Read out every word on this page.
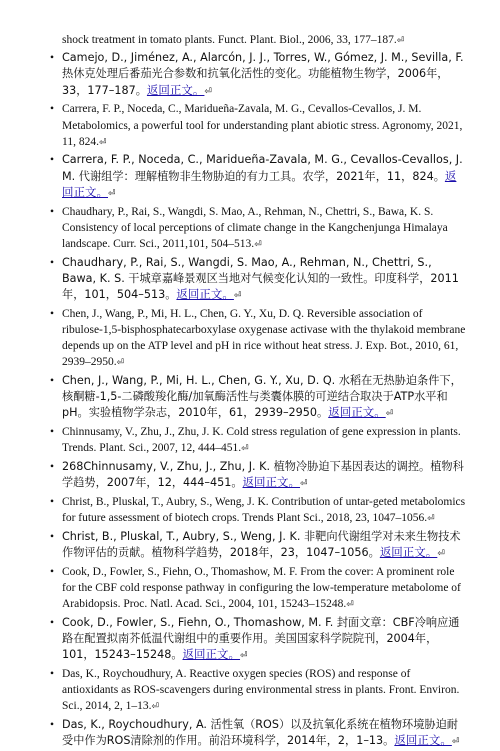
shock treatment in tomato plants. Funct. Plant. Biol., 2006, 33, 177–187.⏎

• Camejo, D., Jiménez, A., Alarcón, J. J., Torres, W., Gómez, J. M., Sevilla, F. 热休克处理后番茄光合参数和抗氧化活性的变化。功能植物生物学，2006年，33，177–187。返回正文。⏎
• Carrera, F. P., Noceda, C., Maridueña-Zavala, M. G., Cevallos-Cevallos, J. M. Metabolomics, a powerful tool for understanding plant abiotic stress. Agronomy, 2021, 11, 824.⏎
• Carrera, F. P., Noceda, C., Maridueña-Zavala, M. G., Cevallos-Cevallos, J. M. 代谢组学：理解植物非生物胁迫的有力工具。农学，2021年，11，824。返回正文。⏎
• Chaudhary, P., Rai, S., Wangdi, S. Mao, A., Rehman, N., Chettri, S., Bawa, K. S. Consistency of local perceptions of climate change in the Kangchenjunga Himalaya landscape. Curr. Sci., 2011,101, 504–513.⏎
• Chaudhary, P., Rai, S., Wangdi, S. Mao, A., Rehman, N., Chettri, S., Bawa, K. S. 干城章嘉峰景观区当地对气候变化认知的一致性。印度科学，2011年，101，504–513。返回正文。⏎
• Chen, J., Wang, P., Mi, H. L., Chen, G. Y., Xu, D. Q. Reversible association of ribulose-1,5-bisphosphatecarboxylase oxygenase activase with the thylakoid membrane depends up on the ATP level and pH in rice without heat stress. J. Exp. Bot., 2010, 61, 2939–2950.⏎
• Chen, J., Wang, P., Mi, H. L., Chen, G. Y., Xu, D. Q. 水稻在无热胁迫条件下，核酮糖-1,5-二磷酸羧化酶/加氧酶活性与类囊体膜的可逆结合取决于ATP水平和pH。实验植物学杂志，2010年，61，2939–2950。返回正文。⏎
• Chinnusamy, V., Zhu, J., Zhu, J. K. Cold stress regulation of gene expression in plants. Trends. Plant. Sci., 2007, 12, 444–451.⏎
• 268Chinnusamy, V., Zhu, J., Zhu, J. K. 植物冷胁迫下基因表达的调控。植物科学趋势，2007年，12，444–451。返回正文。⏎
• Christ, B., Pluskal, T., Aubry, S., Weng, J. K. Contribution of untar-geted metabolomics for future assessment of biotech crops. Trends Plant Sci., 2018, 23, 1047–1056.⏎
• Christ, B., Pluskal, T., Aubry, S., Weng, J. K. 非靶向代谢组学对未来生物技术作物评估的贡献。植物科学趋势，2018年，23，1047–1056。返回正文。⏎
• Cook, D., Fowler, S., Fiehn, O., Thomashow, M. F. From the cover: A prominent role for the CBF cold response pathway in configuring the low-temperature metabolome of Arabidopsis. Proc. Natl. Acad. Sci., 2004, 101, 15243–15248.⏎
• Cook, D., Fowler, S., Fiehn, O., Thomashow, M. F. 封面文章：CBF冷响应通路在配置拟南芥低温代谢组中的重要作用。美国国家科学院院刊，2004年，101，15243–15248。返回正文。⏎
• Das, K., Roychoudhury, A. Reactive oxygen species (ROS) and response of antioxidants as ROS-scavengers during environmental stress in plants. Front. Environ. Sci., 2014, 2, 1–13.⏎
• Das, K., Roychoudhury, A. 活性氧（ROS）以及抗氧化系统在植物环境胁迫耐受中作为ROS清除剂的作用。前沿环境科学，2014年，2，1–13。返回正文。⏎
